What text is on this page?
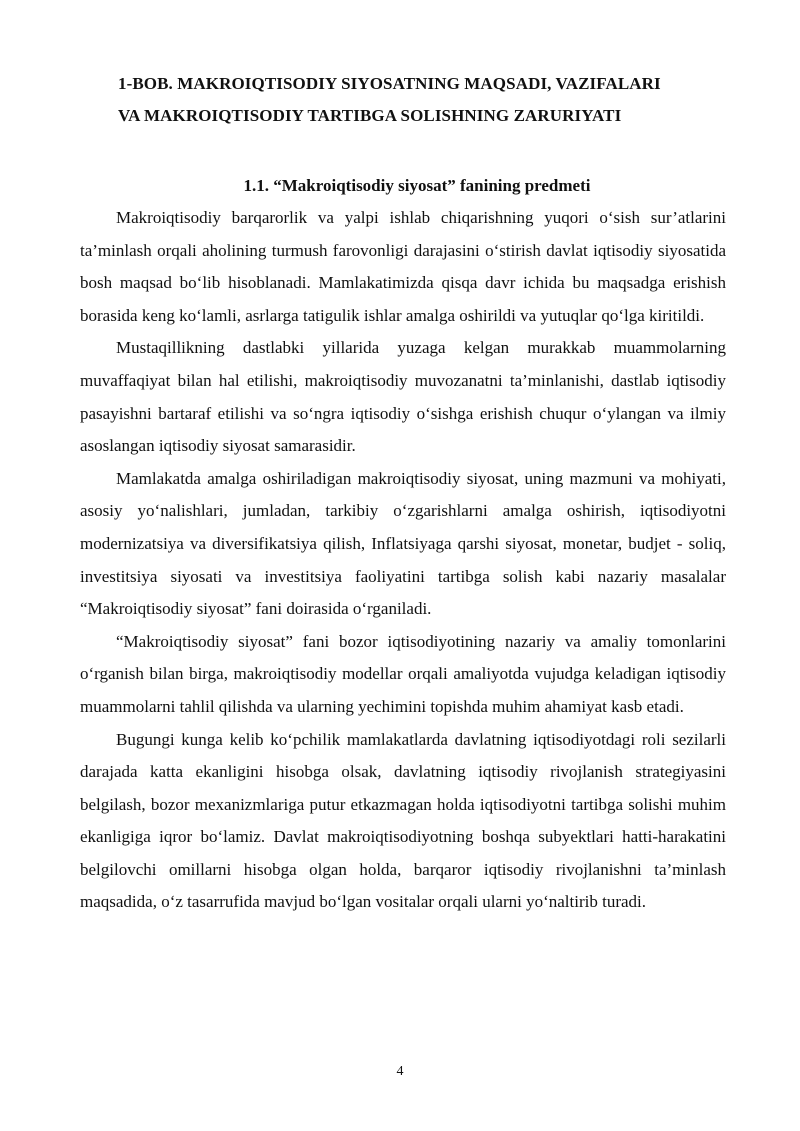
1-BOB. MAKROIQTISODIY SIYOSATNING MAQSADI, VAZIFALARI
VA MAKROIQTISODIY TARTIBGA SOLISHNING ZARURIYATI
1.1. “Makroiqtisodiy siyosat” fanining predmeti

Makroiqtisodiy barqarorlik va yalpi ishlab chiqarishning yuqori o‘sish sur’atlarini ta’minlash orqali aholining turmush farovonligi darajasini o‘stirish davlat iqtisodiy siyosatida bosh maqsad bo‘lib hisoblanadi. Mamlakatimizda qisqa davr ichida bu maqsadga erishish borasida keng ko‘lamli, asrlarga tatigulik ishlar amalga oshirildi va yutuqlar qo‘lga kiritildi.

Mustaqillikning dastlabki yillarida yuzaga kelgan murakkab muammolarning muvaffaqiyat bilan hal etilishi, makroiqtisodiy muvozanatni ta’minlanishi, dastlab iqtisodiy pasayishni bartaraf etilishi va so‘ngra iqtisodiy o‘sishga erishish chuqur o‘ylangan va ilmiy asoslangan iqtisodiy siyosat samarasidir.

Mamlakatda amalga oshiriladigan makroiqtisodiy siyosat, uning mazmuni va mohiyati, asosiy yo‘nalishlari, jumladan, tarkibiy o‘zgarishlarni amalga oshirish, iqtisodiyotni modernizatsiya va diversifikatsiya qilish, Inflatsiyaga qarshi siyosat, monetar, budjet - soliq, investitsiya siyosati va investitsiya faoliyatini tartibga solish kabi nazariy masalalar “Makroiqtisodiy siyosat” fani doirasida o‘rganiladi.

“Makroiqtisodiy siyosat” fani bozor iqtisodiyotining nazariy va amaliy tomonlarini o‘rganish bilan birga, makroiqtisodiy modellar orqali amaliyotda vujudga keladigan iqtisodiy muammolarni tahlil qilishda va ularning yechimini topishda muhim ahamiyat kasb etadi.

Bugungi kunga kelib ko‘pchilik mamlakatlarda davlatning iqtisodiyotdagi roli sezilarli darajada katta ekanligini hisobga olsak, davlatning iqtisodiy rivojlanish strategiyasini belgilash, bozor mexanizmlariga putur etkazmagan holda iqtisodiyotni tartibga solishi muhim ekanligiga iqror bo‘lamiz. Davlat makroiqtisodiyotning boshqa subyektlari hatti-harakatini belgilovchi omillarni hisobga olgan holda, barqaror iqtisodiy rivojlanishni ta’minlash maqsadida, o‘z tasarrufida mavjud bo‘lgan vositalar orqali ularni yo‘naltirib turadi.

4
